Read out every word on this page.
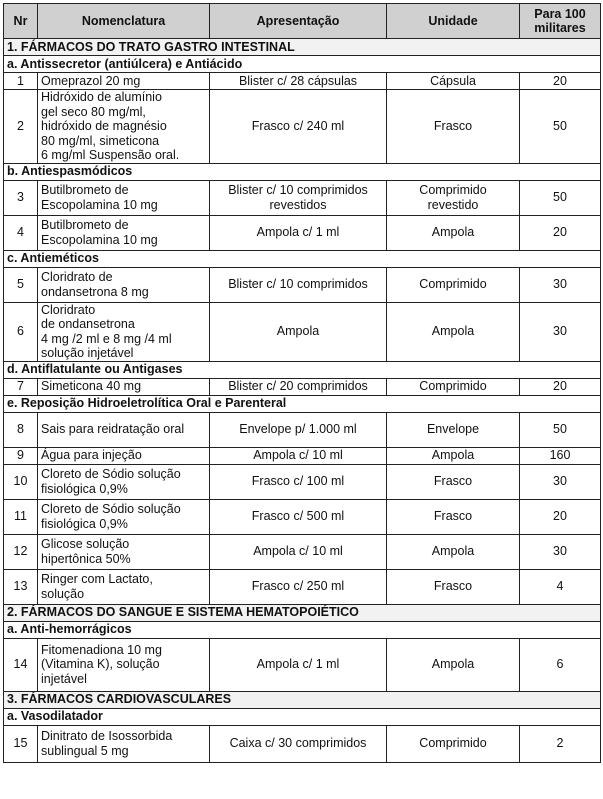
Nr	Nomenclatura	Apresentação	Unidade	Para 100 militares
1. FÁRMACOS DO TRATO GASTRO INTESTINAL				
a. Antissecretor (antiúlcera) e Antiácido				
1	Omeprazol 20 mg	Blister c/ 28 cápsulas	Cápsula	20
2	Hidróxido de alumínio
gel seco 80 mg/ml,
hidróxido de magnésio
80 mg/ml, simeticona
6 mg/ml Suspensão oral.	Frasco c/ 240 ml	Frasco	50
b. Antiespasmódicos				
3	Butilbrometo de
Escopolamina 10 mg	Blister c/ 10 comprimidos
revestidos	Comprimido
revestido	50
4	Butilbrometo de
Escopolamina 10 mg	Ampola c/ 1 ml	Ampola	20
c. Antieméticos				
5	Cloridrato de
ondansetrona 8 mg	Blister c/ 10 comprimidos	Comprimido	30
6	Cloridrato
de ondansetrona
4 mg /2 ml e 8 mg /4 ml
solução injetável	Ampola	Ampola	30
d. Antiflatulante ou Antigases				
7	Simeticona 40 mg	Blister c/ 20 comprimidos	Comprimido	20
e. Reposição Hidroeletrolítica Oral e Parenteral				
8	Sais para reidratação oral	Envelope p/ 1.000 ml	Envelope	50
9	Água para injeção	Ampola c/ 10 ml	Ampola	160
10	Cloreto de Sódio solução
fisiológica 0,9%	Frasco c/ 100 ml	Frasco	30
11	Cloreto de Sódio solução
fisiológica 0,9%	Frasco c/ 500 ml	Frasco	20
12	Glicose solução
hipertônica 50%	Ampola c/ 10 ml	Ampola	30
13	Ringer com Lactato,
solução	Frasco c/ 250 ml	Frasco	4
2. FÁRMACOS DO SANGUE E SISTEMA HEMATOPOIÉTICO				
a. Anti-hemorrágicos				
14	Fitomenadiona 10 mg
(Vitamina K), solução
injetável	Ampola c/ 1 ml	Ampola	6
3. FÁRMACOS CARDIOVASCULARES				
a. Vasodilatador				
15	Dinitrato de Isossorbida
sublingual 5 mg	Caixa c/ 30 comprimidos	Comprimido	2
